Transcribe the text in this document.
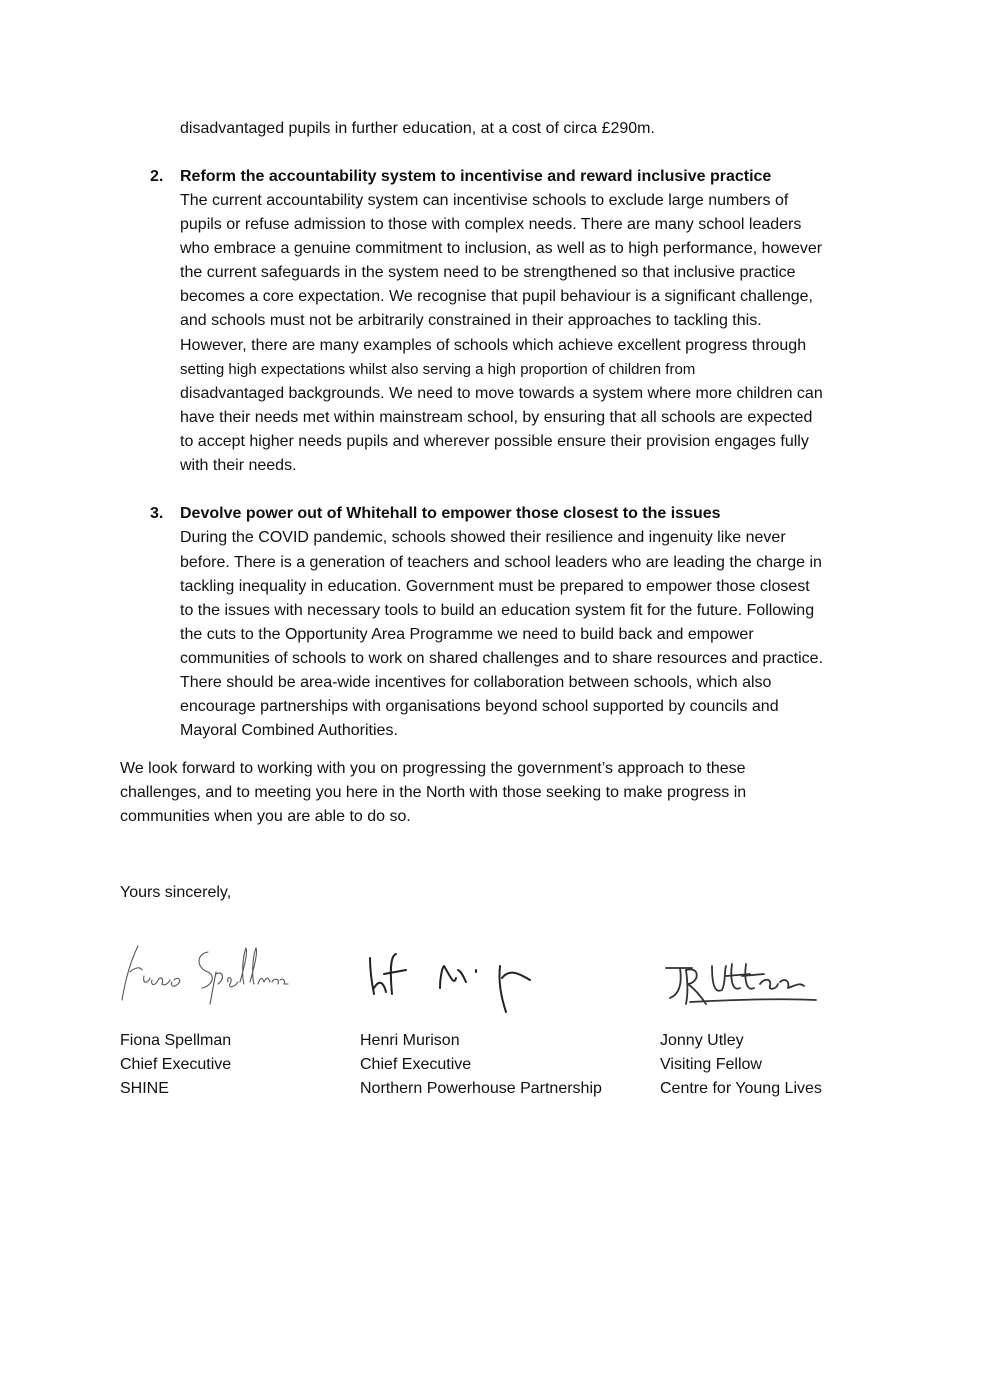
disadvantaged pupils in further education, at a cost of circa £290m.
2. Reform the accountability system to incentivise and reward inclusive practice
The current accountability system can incentivise schools to exclude large numbers of
pupils or refuse admission to those with complex needs. There are many school leaders
who embrace a genuine commitment to inclusion, as well as to high performance, however
the current safeguards in the system need to be strengthened so that inclusive practice
becomes a core expectation. We recognise that pupil behaviour is a significant challenge,
and schools must not be arbitrarily constrained in their approaches to tackling this.
However, there are many examples of schools which achieve excellent progress through
setting high expectations whilst also serving a high proportion of children from
disadvantaged backgrounds. We need to move towards a system where more children can
have their needs met within mainstream school, by ensuring that all schools are expected
to accept higher needs pupils and wherever possible ensure their provision engages fully
with their needs.
3. Devolve power out of Whitehall to empower those closest to the issues
During the COVID pandemic, schools showed their resilience and ingenuity like never
before. There is a generation of teachers and school leaders who are leading the charge in
tackling inequality in education. Government must be prepared to empower those closest
to the issues with necessary tools to build an education system fit for the future. Following
the cuts to the Opportunity Area Programme we need to build back and empower
communities of schools to work on shared challenges and to share resources and practice.
There should be area-wide incentives for collaboration between schools, which also
encourage partnerships with organisations beyond school supported by councils and
Mayoral Combined Authorities.
We look forward to working with you on progressing the government’s approach to these
challenges, and to meeting you here in the North with those seeking to make progress in
communities when you are able to do so.
Yours sincerely,
Fiona Spellman
Chief Executive
SHINE
Henri Murison
Chief Executive
Northern Powerhouse Partnership
Jonny Utley
Visiting Fellow
Centre for Young Lives
